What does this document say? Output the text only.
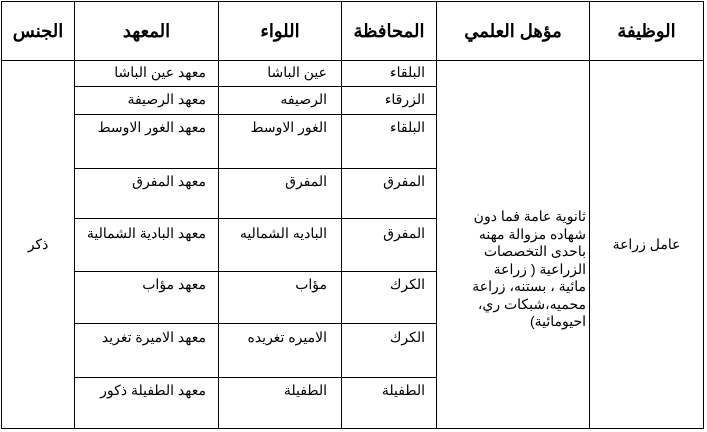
الوظيفة
مؤهل العلمي
المحافظة
اللواء
المعهد
الجنس
عامل زراعة
ذكر
ثانوية عامة فما دون
شهاده مزوالة مهنه
باحدى التخصصات
الزراعية ( زراعة
مائية ، بستنه، زراعة
محميه،شبكات ري،
احيومائية)
البلقاء
عين الباشا
معهد عين الباشا
الزرقاء
الرصيفه
معهد الرصيفة
البلقاء
الغور الاوسط
معهد الغور الاوسط
المفرق
المفرق
معهد المفرق
المفرق
الباديه الشماليه
معهد البادية الشمالية
الكرك
مؤاب
معهد مؤاب
الكرك
الاميره تغريده
معهد الاميرة تغريد
الطفيلة
الطفيلة
معهد الطفيلة ذكور
